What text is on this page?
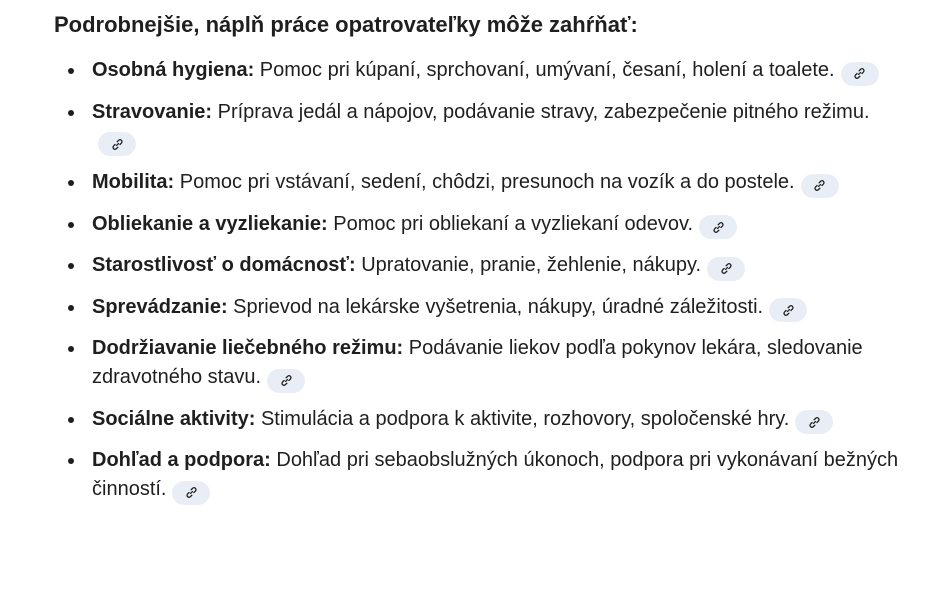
Podrobnejšie, náplň práce opatrovateľky môže zahŕňať:
Osobná hygiena: Pomoc pri kúpaní, sprchovaní, umývaní, česaní, holení a toalete.
Stravovanie: Príprava jedál a nápojov, podávanie stravy, zabezpečenie pitného režimu.
Mobilita: Pomoc pri vstávaní, sedení, chôdzi, presunoch na vozík a do postele.
Obliekanie a vyzliekanie: Pomoc pri obliekaní a vyzliekaní odevov.
Starostlivosť o domácnosť: Upratovanie, pranie, žehlenie, nákupy.
Sprevádzanie: Sprievod na lekárske vyšetrenia, nákupy, úradné záležitosti.
Dodržiavanie liečebného režimu: Podávanie liekov podľa pokynov lekára, sledovanie zdravotného stavu.
Sociálne aktivity: Stimulácia a podpora k aktivite, rozhovory, spoločenské hry.
Dohľad a podpora: Dohľad pri sebaobslužných úkonoch, podpora pri vykonávaní bežných činností.
